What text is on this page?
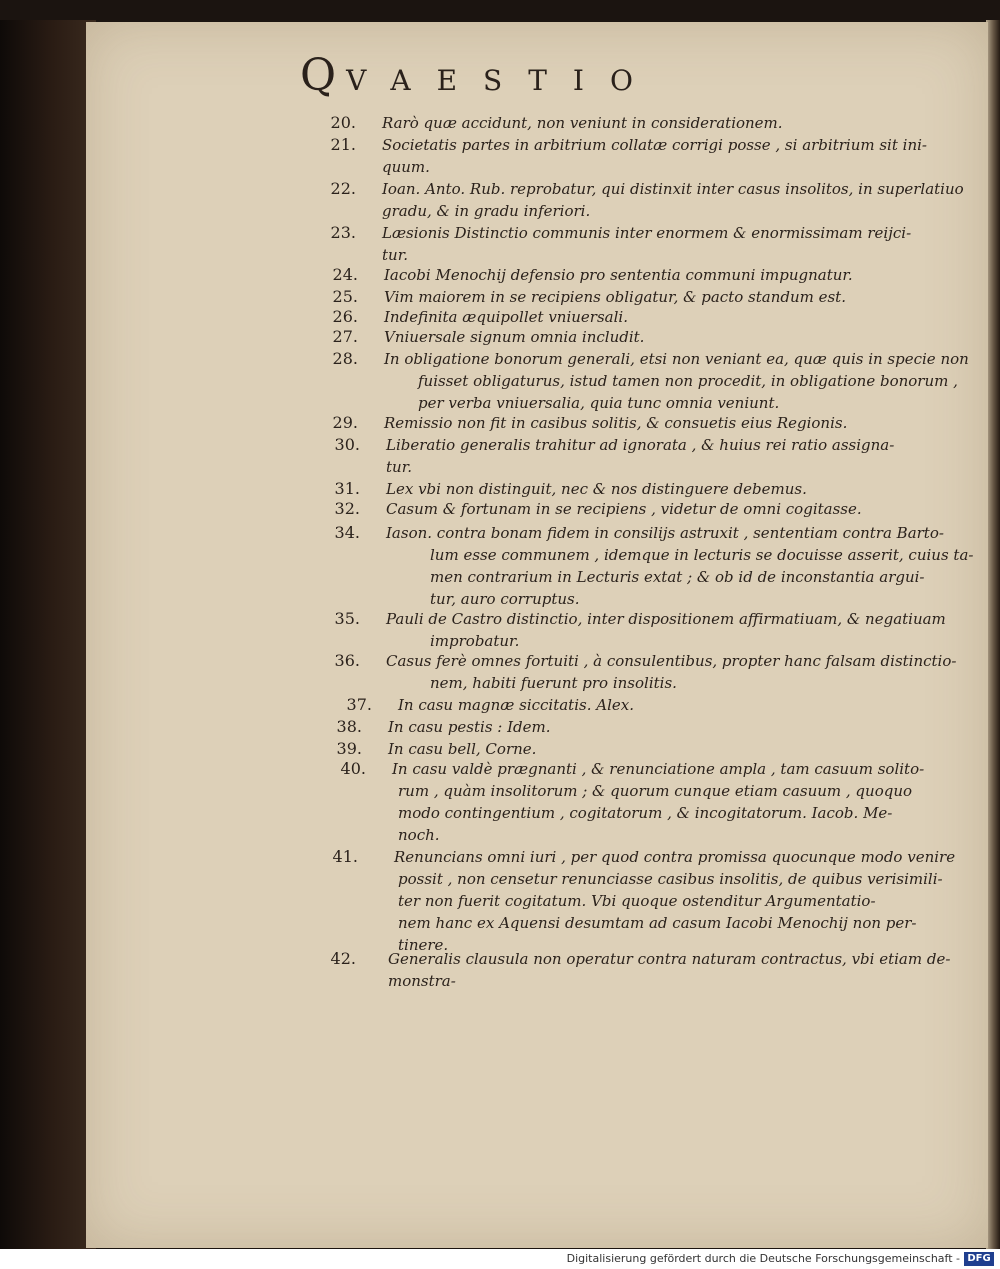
QVAESTIO
20. Rarò quæ accidunt, non veniunt in considerationem.
21. Societatis partes in arbitrium collatæ corrigi posse , si arbitrium sit ini-
quum.
22. Ioan. Anto. Rub. reprobatur, qui distinxit inter casus insolitos, in superlatiuo
gradu, & in gradu inferiori.
23. Læsionis Distinctio communis inter enormem & enormissimam reijci-
tur.
24. Iacobi Menochij defensio pro sententia communi impugnatur.
25. Vim maiorem in se recipiens obligatur, & pacto standum est.
26. Indefinita æquipollet vniuersali.
27. Vniuersale signum omnia includit.
28. In obligatione bonorum generali, etsi non veniant ea, quæ quis in specie non
fuisset obligaturus, istud tamen non procedit, in obligatione bonorum ,
per verba vniuersalia, quia tunc omnia veniunt.
29. Remissio non fit in casibus solitis, & consuetis eius Regionis.
30. Liberatio generalis trahitur ad ignorata , & huius rei ratio assigna-
tur.
31. Lex vbi non distinguit, nec & nos distinguere debemus.
32. Casum & fortunam in se recipiens , videtur de omni cogitasse.
34. Iason. contra bonam fidem in consilijs astruxit , sententiam contra Barto-
lum esse communem , idemque in lecturis se docuisse asserit, cuius ta-
men contrarium in Lecturis extat ; & ob id de inconstantia argui-
tur, auro corruptus.
35. Pauli de Castro distinctio, inter dispositionem affirmatiuam, & negatiuam
improbatur.
36. Casus ferè omnes fortuiti , à consulentibus, propter hanc falsam distinctio-
nem, habiti fuerunt pro insolitis.
37. In casu magnæ siccitatis. Alex.
38. In casu pestis : Idem.
39. In casu bell, Corne.
40. In casu valdè prægnanti , & renunciatione ampla , tam casuum solito-
rum , quàm insolitorum ; & quorum cunque etiam casuum , quoquo
modo contingentium , cogitatorum , & incogitatorum. Iacob. Me-
noch.
41. Renuncians omni iuri , per quod contra promissa quocunque modo venire
possit , non censetur renunciasse casibus insolitis, de quibus verisimili-
ter non fuerit cogitatum. Vbi quoque ostenditur Argumentatio-
nem hanc ex Aquensi desumtam ad casum Iacobi Menochij non per-
tinere.
42. Generalis clausula non operatur contra naturam contractus, vbi etiam de-
monstra-
Digitalisierung gefördert durch die Deutsche Forschungsgemeinschaft - DFG
